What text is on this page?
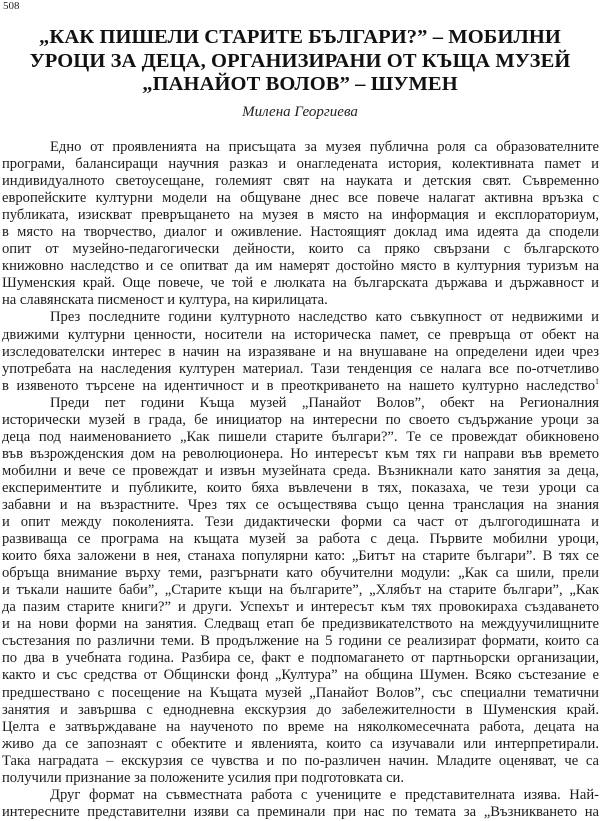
508
„КАК ПИШЕЛИ СТАРИТЕ БЪЛГАРИ?” – МОБИЛНИ
УРОЦИ ЗА ДЕЦА, ОРГАНИЗИРАНИ ОТ КЪЩА МУЗЕЙ
„ПАНАЙОТ ВОЛОВ” – ШУМЕН
Милена Георгиева
Едно от проявленията на присъщата за музея публична роля са образователните
програми, балансиращи научния разказ и онагледената история, колективната памет и
индивидуалното светоусещане, големият свят на науката и детския свят. Съвременно
европейските културни модели на общуване днес все повече налагат активна връзка с
публиката, изискват превръщането на музея в място на информация и експлораториум,
в място на творчество, диалог и оживление. Настоящият доклад има идеята да сподели
опит от музейно-педагогически дейности, които са пряко свързани с българското
книжовно наследство и се опитват да им намерят достойно място в културния туризъм на
Шуменския край. Още повече, че той е люлката на българската държава и държавност и
на славянската писменост и култура, на кирилицата.
През последните години културното наследство като съвкупност от недвижими и
движими културни ценности, носители на историческа памет, се превръща от обект на
изследователски интерес в начин на изразяване и на внушаване на определени идеи чрез
употребата на наследения културен материал. Тази тенденция се налага все по-отчетливо
в изявеното търсене на идентичност и в преоткриването на нашето културно наследство$^1$
Преди пет години Къща музей „Панайот Волов”, обект на Регионалния
исторически музей в града, бе инициатор на интересни по своето съдържание уроци за
деца под наименованието „Как пишели старите българи?”. Те се провеждат обикновено
във възрожденския дом на революционера. Но интересът към тях ги направи във времето
мобилни и вече се провеждат и извън музейната среда. Възникнали като занятия за деца,
експериментите и публиките, които бяха въвлечени в тях, показаха, че тези уроци са
забавни и на възрастните. Чрез тях се осъществява също ценна транслация на знания
и опит между поколенията. Тези дидактически форми са част от дългогодишната и
развиваща се програма на къщата музей за работа с деца. Първите мобилни уроци,
които бяха заложени в нея, станаха популярни като: „Битът на старите българи”. В тях се
обръща внимание върху теми, разгърнати като обучителни модули: „Как са шили, прели
и тъкали нашите баби”, „Старите къщи на българите”, „Хлябът на старите българи”, „Как
да пазим старите книги?” и други. Успехът и интересът към тях провокираха създаването
и на нови форми на занятия. Следващ етап бе предизвикателството на междуучилищните
състезания по различни теми. В продължение на 5 години се реализират формати, които са
по два в учебната година. Разбира се, факт е подпомагането от партньорски организации,
както и със средства от Общински фонд „Култура” на община Шумен. Всяко състезание е
предшествано с посещение на Къщата музей „Панайот Волов”, със специални тематични
занятия и завършва с еднодневна екскурзия до забележителности в Шуменския край.
Целта е затвърждаване на наученото по време на няколкомесечната работа, децата на
живо да се запознаят с обектите и явленията, които са изучавали или интерпретирали.
Така наградата – екскурзия се чувства и по по-различен начин. Младите оценяват, че са
получили признание за положените усилия при подготовката си.
Друг формат на съвместната работа с учениците е представителната изява. Най-
интересните представителни изяви са преминали при нас по темата за „Възникването на
